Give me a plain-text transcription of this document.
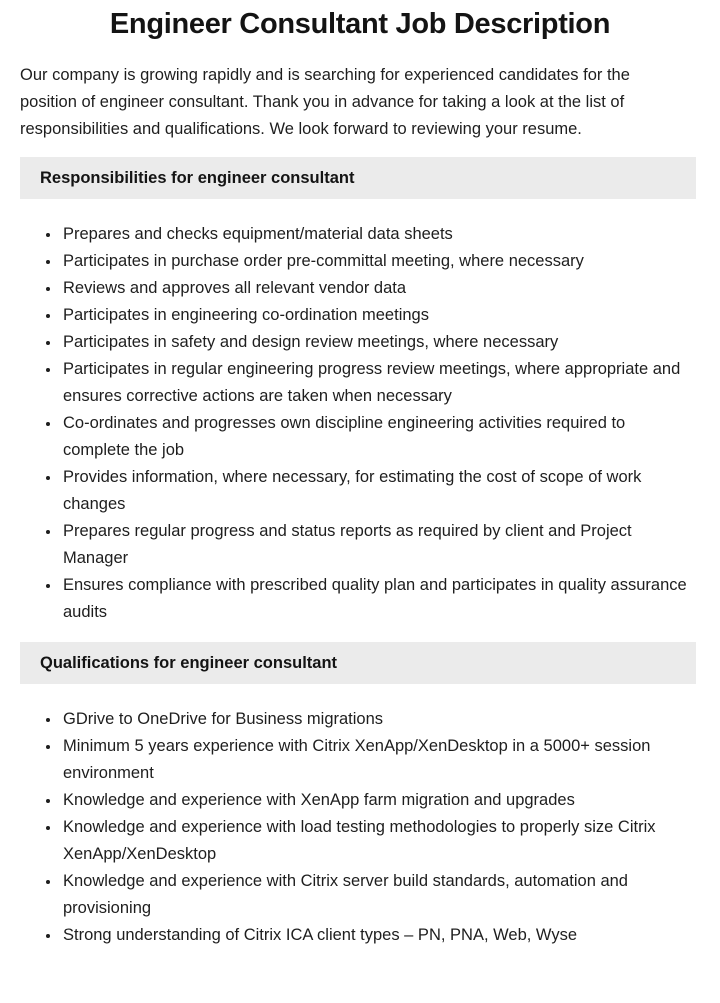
Engineer Consultant Job Description

Our company is growing rapidly and is searching for experienced candidates for the position of engineer consultant. Thank you in advance for taking a look at the list of responsibilities and qualifications. We look forward to reviewing your resume.

Responsibilities for engineer consultant
• Prepares and checks equipment/material data sheets
• Participates in purchase order pre-committal meeting, where necessary
• Reviews and approves all relevant vendor data
• Participates in engineering co-ordination meetings
• Participates in safety and design review meetings, where necessary
• Participates in regular engineering progress review meetings, where appropriate and ensures corrective actions are taken when necessary
• Co-ordinates and progresses own discipline engineering activities required to complete the job
• Provides information, where necessary, for estimating the cost of scope of work changes
• Prepares regular progress and status reports as required by client and Project Manager
• Ensures compliance with prescribed quality plan and participates in quality assurance audits
Qualifications for engineer consultant
• GDrive to OneDrive for Business migrations
• Minimum 5 years experience with Citrix XenApp/XenDesktop in a 5000+ session environment
• Knowledge and experience with XenApp farm migration and upgrades
• Knowledge and experience with load testing methodologies to properly size Citrix XenApp/XenDesktop
• Knowledge and experience with Citrix server build standards, automation and provisioning
• Strong understanding of Citrix ICA client types – PN, PNA, Web, Wyse
